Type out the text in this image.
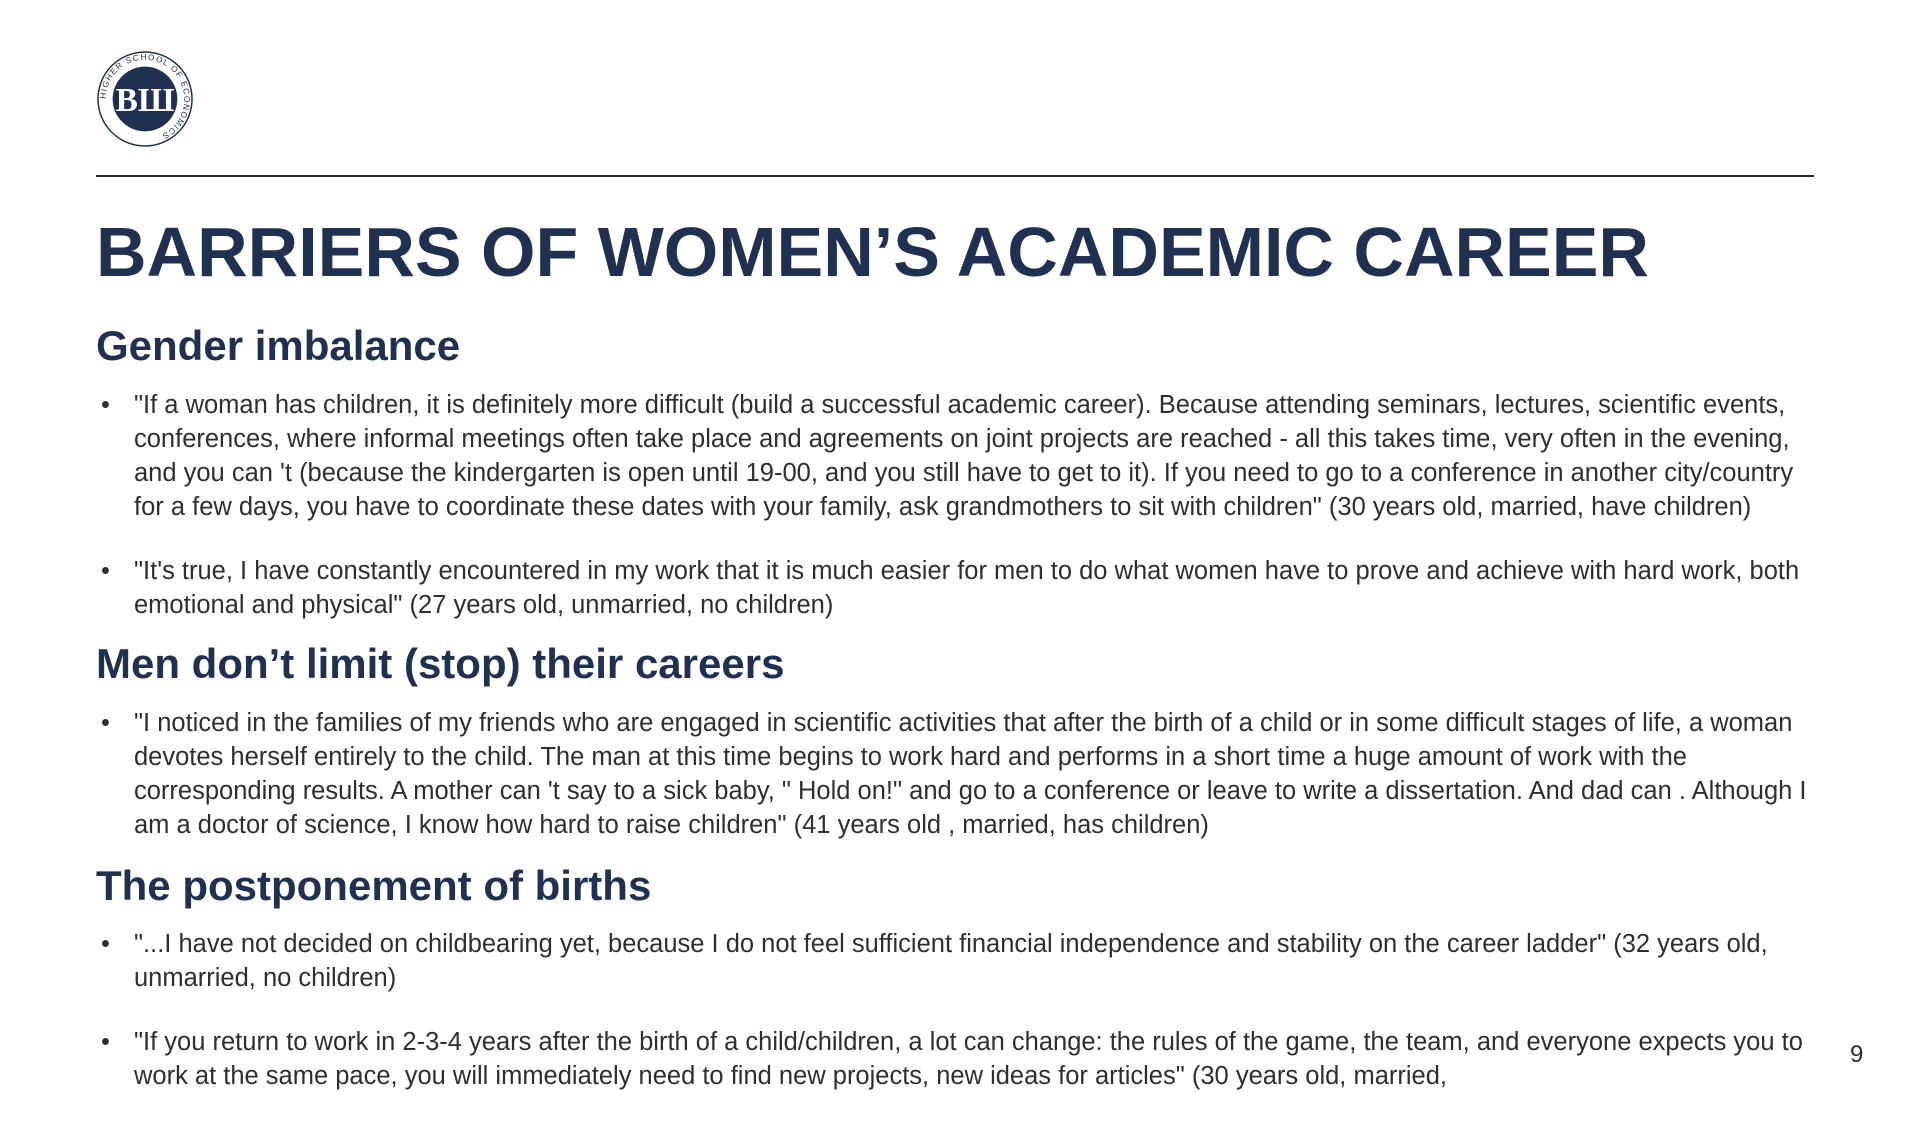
HIGHER SCHOOL OF ECONOMICS
ВШ
BARRIERS OF WOMEN’S ACADEMIC CAREER
Gender imbalance
• "If a woman has children, it is definitely more difficult (build a successful academic career). Because attending seminars, lectures, scientific events, conferences, where informal meetings often take place and agreements on joint projects are reached - all this takes time, very often in the evening, and you can 't (because the kindergarten is open until 19-00, and you still have to get to it). If you need to go to a conference in another city/country for a few days, you have to coordinate these dates with your family, ask grandmothers to sit with children" (30 years old, married, have children)
• "It's true, I have constantly encountered in my work that it is much easier for men to do what women have to prove and achieve with hard work, both emotional and physical" (27 years old, unmarried, no children)
Men don’t limit (stop) their careers
• "I noticed in the families of my friends who are engaged in scientific activities that after the birth of a child or in some difficult stages of life, a woman devotes herself entirely to the child. The man at this time begins to work hard and performs in a short time a huge amount of work with the corresponding results. A mother can 't say to a sick baby, " Hold on!" and go to a conference or leave to write a dissertation. And dad can . Although I am a doctor of science, I know how hard to raise children" (41 years old , married, has children)
The postponement of births
• "...I have not decided on childbearing yet, because I do not feel sufficient financial independence and stability on the career ladder" (32 years old, unmarried, no children)
• "If you return to work in 2-3-4 years after the birth of a child/children, a lot can change: the rules of the game, the team, and everyone expects you to work at the same pace, you will immediately need to find new projects, new ideas for articles" (30 years old, married,
9
